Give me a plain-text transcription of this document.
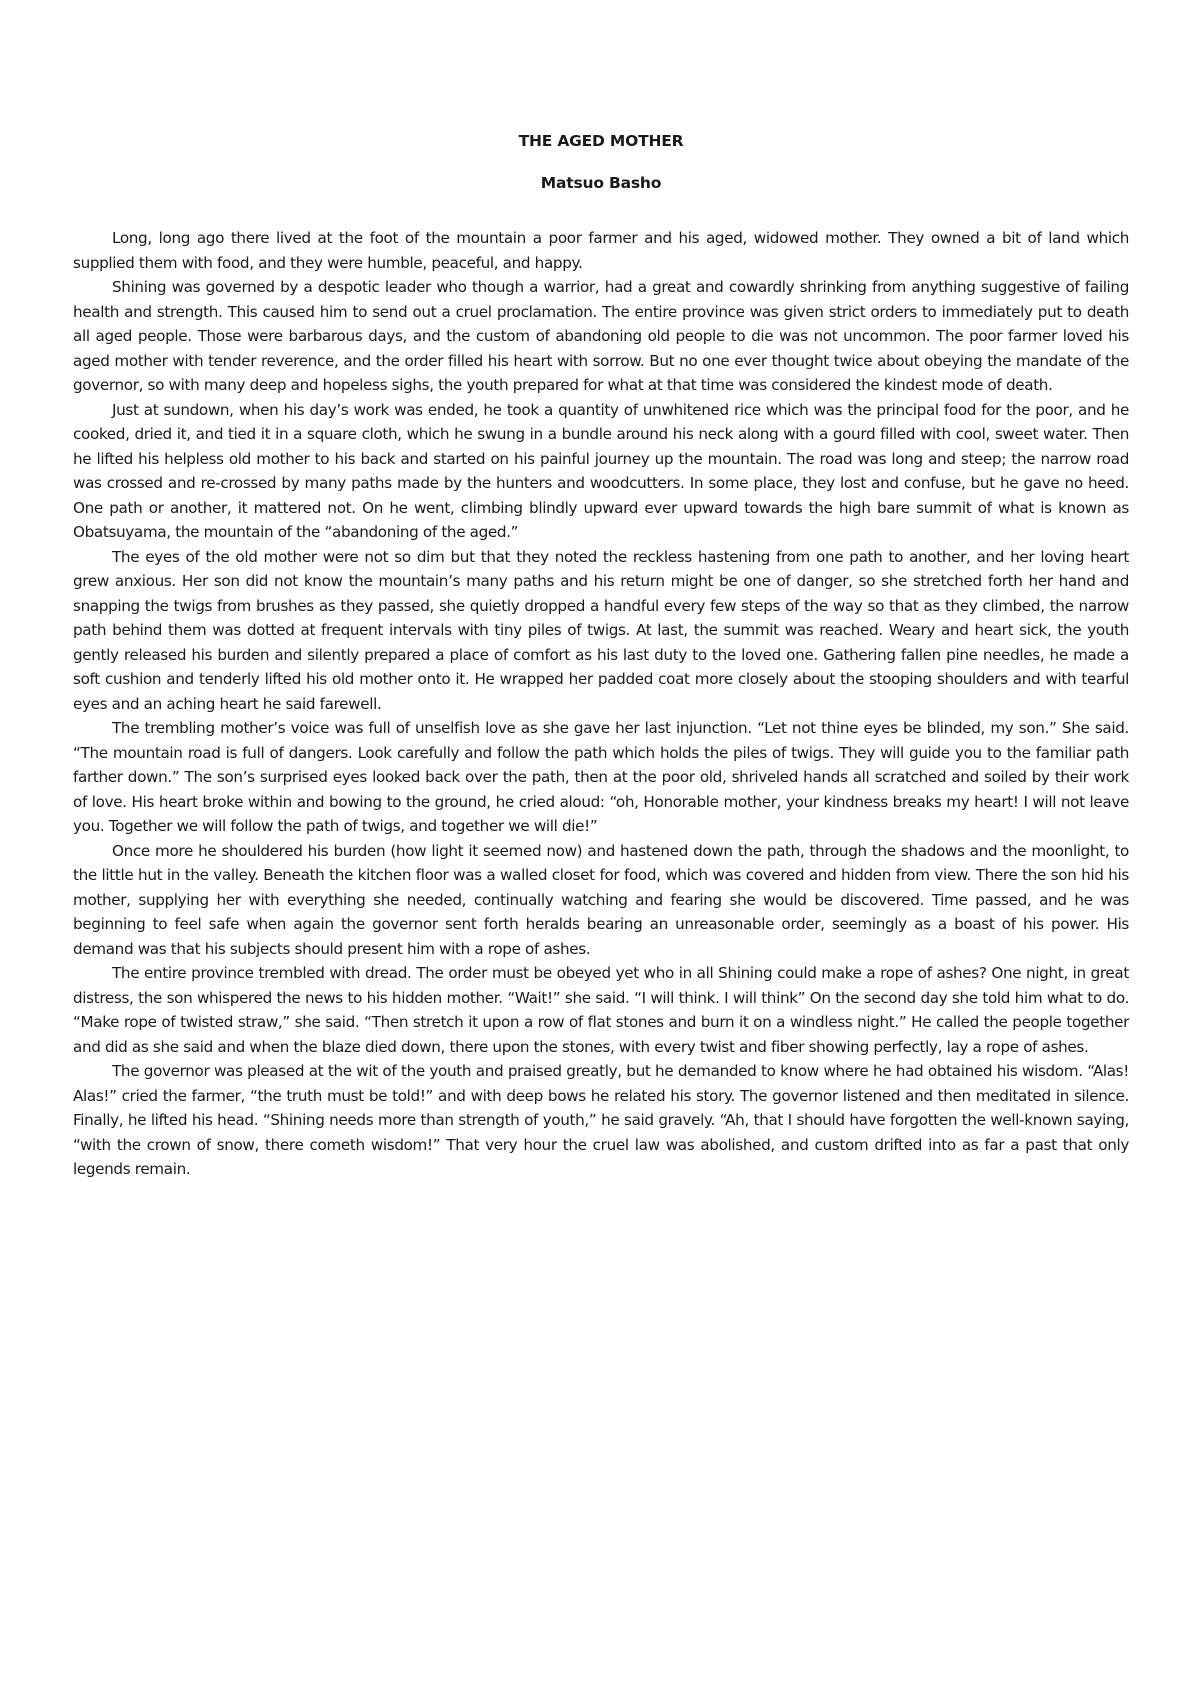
THE AGED MOTHER
Matsuo Basho

Long, long ago there lived at the foot of the mountain a poor farmer and his aged, widowed mother. They owned a bit of land which supplied them with food, and they were humble, peaceful, and happy.

Shining was governed by a despotic leader who though a warrior, had a great and cowardly shrinking from anything suggestive of failing health and strength. This caused him to send out a cruel proclamation. The entire province was given strict orders to immediately put to death all aged people. Those were barbarous days, and the custom of abandoning old people to die was not uncommon. The poor farmer loved his aged mother with tender reverence, and the order filled his heart with sorrow. But no one ever thought twice about obeying the mandate of the governor, so with many deep and hopeless sighs, the youth prepared for what at that time was considered the kindest mode of death.

Just at sundown, when his day’s work was ended, he took a quantity of unwhitened rice which was the principal food for the poor, and he cooked, dried it, and tied it in a square cloth, which he swung in a bundle around his neck along with a gourd filled with cool, sweet water. Then he lifted his helpless old mother to his back and started on his painful journey up the mountain. The road was long and steep; the narrow road was crossed and re-crossed by many paths made by the hunters and woodcutters. In some place, they lost and confuse, but he gave no heed. One path or another, it mattered not. On he went, climbing blindly upward ever upward towards the high bare summit of what is known as Obatsuyama, the mountain of the “abandoning of the aged.”

The eyes of the old mother were not so dim but that they noted the reckless hastening from one path to another, and her loving heart grew anxious. Her son did not know the mountain’s many paths and his return might be one of danger, so she stretched forth her hand and snapping the twigs from brushes as they passed, she quietly dropped a handful every few steps of the way so that as they climbed, the narrow path behind them was dotted at frequent intervals with tiny piles of twigs. At last, the summit was reached. Weary and heart sick, the youth gently released his burden and silently prepared a place of comfort as his last duty to the loved one. Gathering fallen pine needles, he made a soft cushion and tenderly lifted his old mother onto it. He wrapped her padded coat more closely about the stooping shoulders and with tearful eyes and an aching heart he said farewell.

The trembling mother’s voice was full of unselfish love as she gave her last injunction. “Let not thine eyes be blinded, my son.” She said. “The mountain road is full of dangers. Look carefully and follow the path which holds the piles of twigs. They will guide you to the familiar path farther down.” The son’s surprised eyes looked back over the path, then at the poor old, shriveled hands all scratched and soiled by their work of love. His heart broke within and bowing to the ground, he cried aloud: “oh, Honorable mother, your kindness breaks my heart! I will not leave you. Together we will follow the path of twigs, and together we will die!”

Once more he shouldered his burden (how light it seemed now) and hastened down the path, through the shadows and the moonlight, to the little hut in the valley. Beneath the kitchen floor was a walled closet for food, which was covered and hidden from view. There the son hid his mother, supplying her with everything she needed, continually watching and fearing she would be discovered. Time passed, and he was beginning to feel safe when again the governor sent forth heralds bearing an unreasonable order, seemingly as a boast of his power. His demand was that his subjects should present him with a rope of ashes.

The entire province trembled with dread. The order must be obeyed yet who in all Shining could make a rope of ashes? One night, in great distress, the son whispered the news to his hidden mother. “Wait!” she said. “I will think. I will think” On the second day she told him what to do. “Make rope of twisted straw,” she said. “Then stretch it upon a row of flat stones and burn it on a windless night.” He called the people together and did as she said and when the blaze died down, there upon the stones, with every twist and fiber showing perfectly, lay a rope of ashes.

The governor was pleased at the wit of the youth and praised greatly, but he demanded to know where he had obtained his wisdom. “Alas! Alas!” cried the farmer, “the truth must be told!” and with deep bows he related his story. The governor listened and then meditated in silence. Finally, he lifted his head. “Shining needs more than strength of youth,” he said gravely. “Ah, that I should have forgotten the well-known saying, “with the crown of snow, there cometh wisdom!” That very hour the cruel law was abolished, and custom drifted into as far a past that only legends remain.
